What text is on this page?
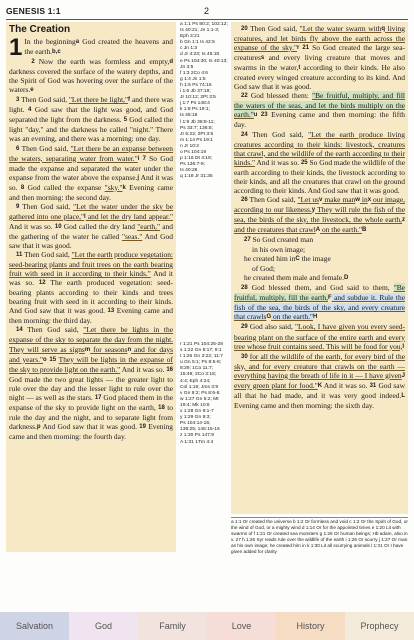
GENESIS 1:1	2
The Creation

1 In the beginning$^a$ God created the heavens and the earth.$^{b,c}$

2 Now the earth was formless and empty,$^d$ darkness covered the surface of the watery depths, and the Spirit of God was hovering over the surface of the waters.$^e$

3 Then God said, "Let there be light,"$^f$ and there was light. 4 God saw that the light was good, and God separated the light from the darkness. 5 God called the light "day," and the darkness he called "night." There was an evening, and there was a morning: one day.

6 Then God said, "Let there be an expanse between the waters, separating water from water."$^i$ 7 So God made the expanse and separated the water under the expanse from the water above the expanse.$^j$ And it was so. 8 God called the expanse "sky."$^k$ Evening came and then morning: the second day.

9 Then God said, "Let the water under the sky be gathered into one place,"$^l$ and let the dry land appear." And it was so. 10 God called the dry land "earth," and the gathering of the water he called "seas." And God saw that it was good.

11 Then God said, "Let the earth produce vegetation: seed-bearing plants and fruit trees on the earth bearing fruit with seed in it according to their kinds." And it was so. 12 The earth produced vegetation: seed-bearing plants according to their kinds and trees bearing fruit with seed in it according to their kinds. And God saw that it was good. 13 Evening came and then morning: the third day.

14 Then God said, "Let there be lights in the expanse of the sky to separate the day from the night. They will serve as signs$^m$ for seasons$^n$ and for days and years."$^o$ 15 They will be lights in the expanse of the sky to provide light on the earth." And it was so. 16 God made the two great lights — the greater light to rule over the day and the lesser light to rule over the night — as well as the stars. 17 God placed them in the expanse of the sky to provide light on the earth, 18 to rule the day and the night, and to separate light from darkness.$^p$ And God saw that it was good. 19 Evening came and then morning: the fourth day.

a 1:1 Ps 90:2; 102:12; Is 40:21; Jn 1:1-3;
Eph 3:21
b Gn 1:1 Is 42:5
c Jn 1:3
d Jr 4:23; Is 45:18
e Ps 104:30; Is 40:13;
Jn 3:5
f 1:3 2Co 4:6
g 1:4 Jn 1:5
h 1:5 Ps 74:16
i 1:6 Jb 37:18;
Jr 10:12; 2Pt 3:5
j 1:7 Ps 148:4
k 1:8 Ps 19:1;
Is 45:18
l 1:9 Jb 38:8-11;
Ps 33:7; 136:6;
Jr 5:22; 2Pt 3:5
m 1:14 Ps 19:1
n Jr 10:2
o Ps 104:19
p 1:16 Dt 4:19;
Ps 136:7-9;
Is 40:26
q 1:18 Jr 31:35
r 1:21 Ps 104:25-28
s 1:22 Gn 8:17; 9:1
t 1:26 Gn 3:22; 11:7
u Gn 5:1; Ps 8:5-8;
8:29; 1Co 11:7;
15:49; 2Co 3:18;
4:4; Eph 4:24;
Col 1:15; Jms 3:9
v Gn 9:2; Ps 8:6-8
w 1:27 Gn 5:2; Mt
19:4; Mk 10:6
x 1:28 Gn 9:1-7
y 1:29 Gn 9:3;
Ps 104:14-15;
136:25; 145:15-16
z 1:30 Ps 147:9
A 1:31 1Tm 4:4

20 Then God said, "Let the water swarm with$^q$ living creatures, and let birds fly above the earth across the expanse of the sky."$^r$ 21 So God created the large sea-creatures$^s$ and every living creature that moves and swarms in the water,$^t$ according to their kinds. He also created every winged creature according to its kind. And God saw that it was good.

22 God blessed them: "Be fruitful, multiply, and fill the waters of the seas, and let the birds multiply on the earth."$^u$ 23 Evening came and then morning: the fifth day.

24 Then God said, "Let the earth produce living creatures according to their kinds: livestock, creatures that crawl, and the wildlife of the earth according to their kinds." And it was so. 25 So God made the wildlife of the earth according to their kinds, the livestock according to their kinds, and all the creatures that crawl on the ground according to their kinds. And God saw that it was good.

26 Then God said, "Let $us^v$ make man$^w$ $in^x$ our image, according to our likeness.$^y$ They will rule the fish of the sea, the birds of the sky, the livestock, the whole earth,$^z$ and the creatures that crawl$^A$ on the earth."$^B$

27 So God created man
in his own image;
he created him $in^C$ the image
of God;
he created them male and female.$^D$

28 God blessed them, and God said to them, "Be fruitful, multiply, fill the earth,$^F$ and subdue it. Rule the fish of the sea, the birds of the sky, and every creature that crawls$^G$ on the earth."$^H$

29 God also said, "Look, I have given you every seed-bearing plant on the surface of the entire earth and every tree whose fruit contains seed. This will be food for you,$^I$

30 for all the wildlife of the earth, for every bird of the sky, and for every creature that crawls on the earth — everything having the breath of life in it — I have given$^J$ every green plant for food."$^K$ And it was so. 31 God saw all that he had made, and it was very good indeed.$^L$ Evening came and then morning: the sixth day.

a 1:1 Or created the universe b 1:2 Or formless and void c 1:2 Or the Spirit of God, or the wind of God, or a mighty wind d 1:14 Or for the appointed times e 1:20 Lit with swarms of f 1:21 Or created sea monsters g 1:26 Or human beings; Hb adam, also in v. 27 h 1:26 Syr reads rule over the wildlife of the earth i 1:26 Or scurry j 1:27 Or man as his own image; he created him in k 1:30 Lit all scurrying animals l 1:31 Or I have given added for clarity
Salvation	God	Family	Love	History	Prophecy
